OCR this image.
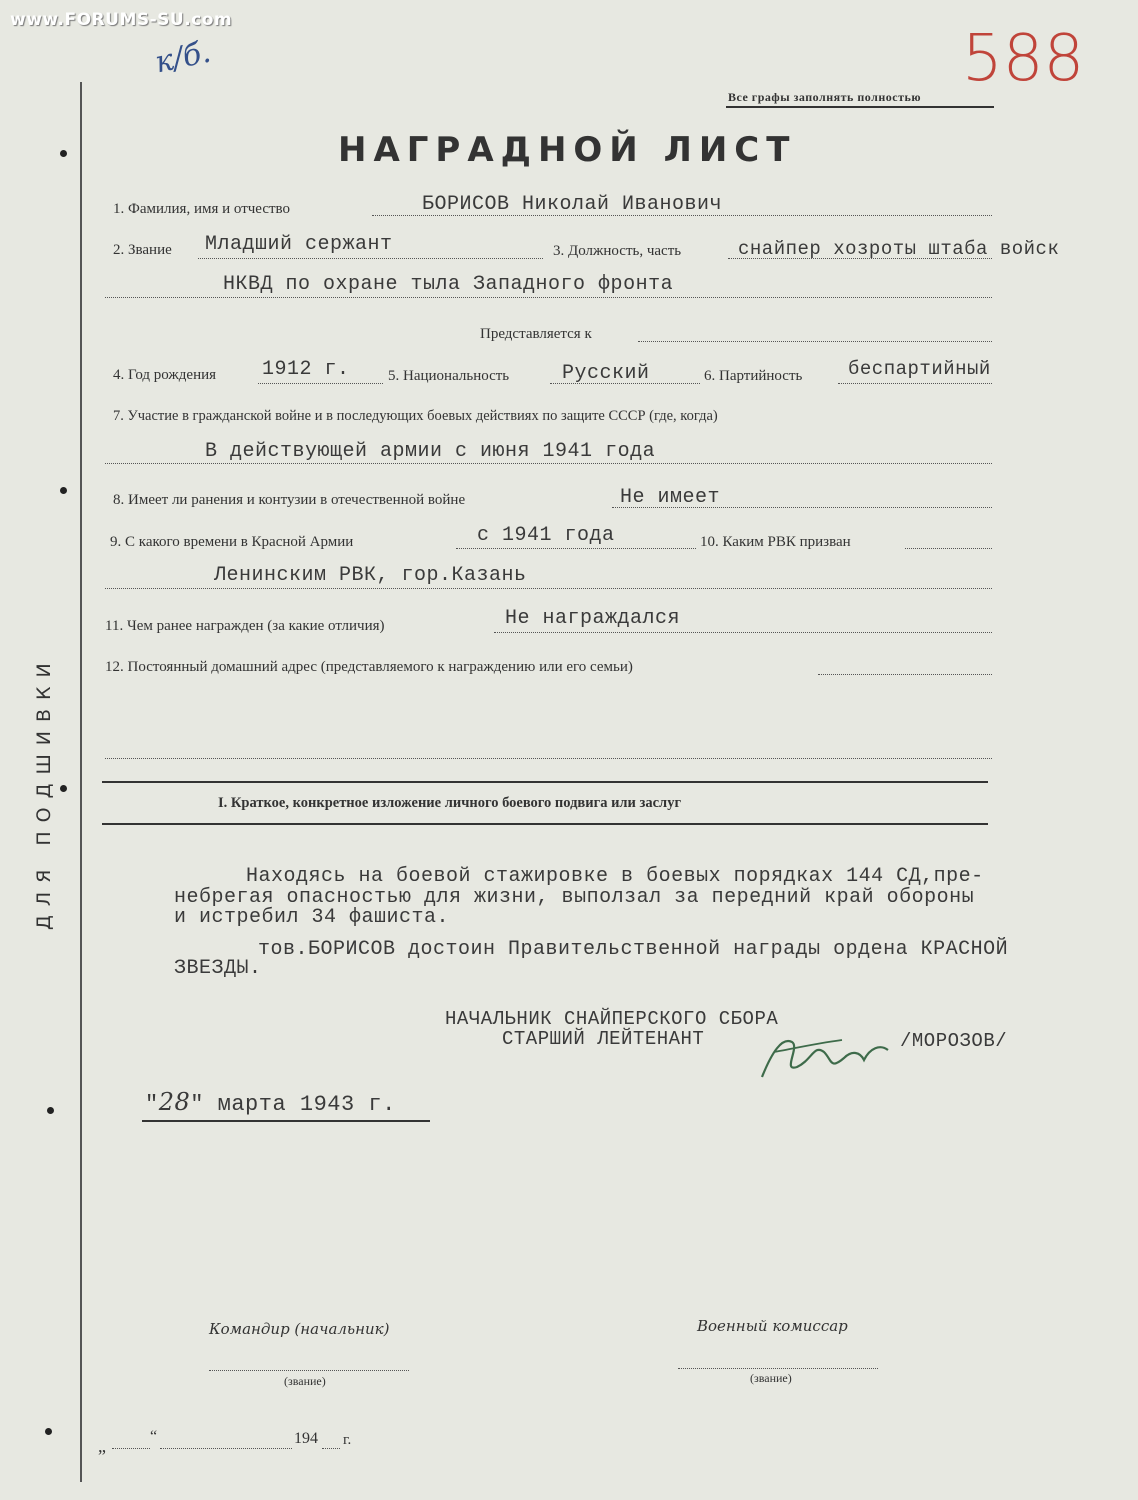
www.FORUMS-SU.com
ДЛЯ ПОДШИВКИ
к/б.	588
Все графы заполнять полностью
НАГРАДНОЙ ЛИСТ
1. Фамилия, имя и отчество	БОРИСОВ Николай Иванович
2. Звание Младший сержант	3. Должность, часть	снайпер хозроты штаба войск
НКВД по охране тыла Западного фронта
Представляется к
4. Год рождения 1912 г.	5. Национальность	Русский	6. Партийность беспартийный
7. Участие в гражданской войне и в последующих боевых действиях по защите СССР (где, когда)
В действующей армии с июня 1941 года
8. Имеет ли ранения и контузии в отечественной войне	Не имеет
9. С какого времени в Красной Армии	с 1941 года	10. Каким РВК призван
Ленинским РВК, гор.Казань
11. Чем ранее награжден (за какие отличия)	Не награждался
12. Постоянный домашний адрес (представляемого к награждению или его семьи)
I. Краткое, конкретное изложение личного боевого подвига или заслуг
Находясь на боевой стажировке в боевых порядках 144 СД,пре-
небрегая опасностью для жизни, выползал за передний край обороны
и истребил 34 фашиста.
тов.БОРИСОВ достоин Правительственной награды ордена КРАСНОЙ
ЗВЕЗДЫ.
НАЧАЛЬНИК СНАЙПЕРСКОГО СБОРА
СТАРШИЙ ЛЕЙТЕНАНТ	/МОРОЗОВ/
"28" марта 1943 г.
Командир (начальник)
(звание)
Военный комиссар
(звание)
„	“	194 г.
